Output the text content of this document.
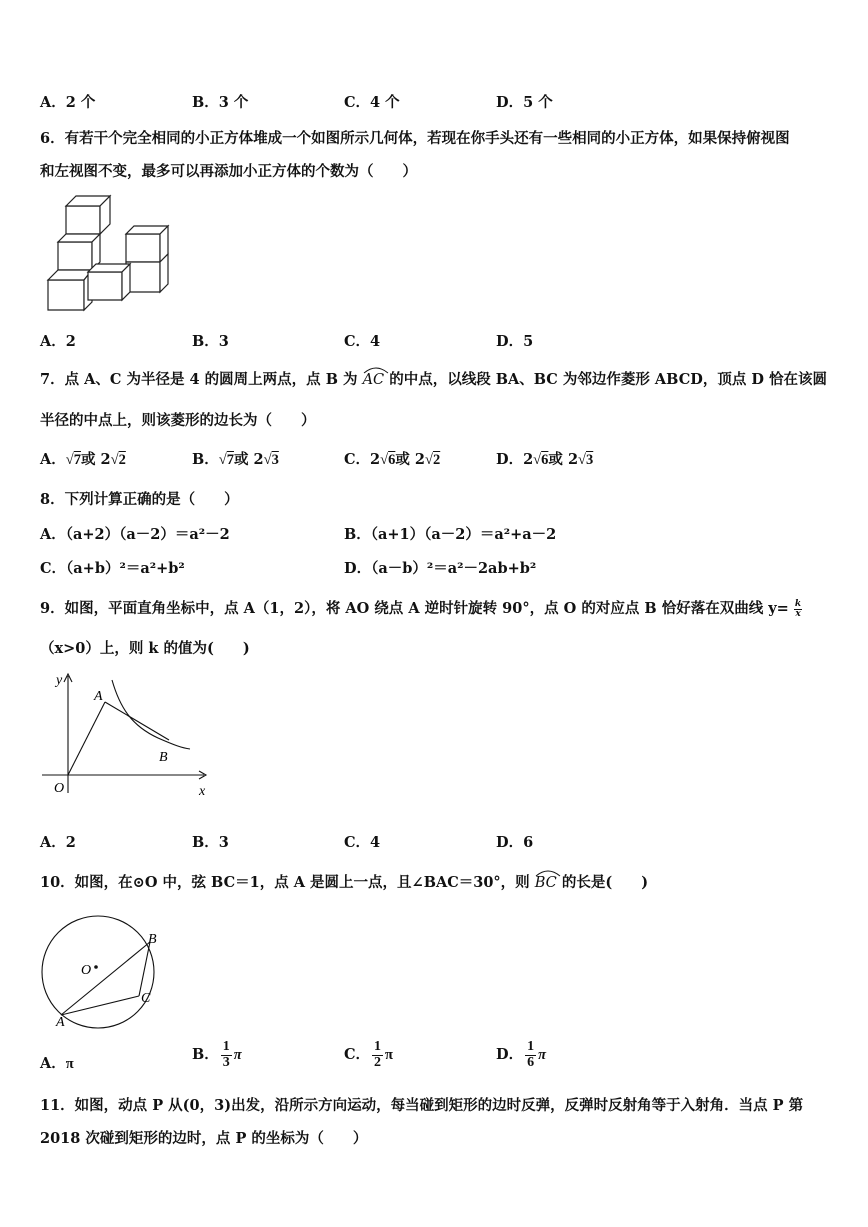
A．2 个	B．3 个	C．4 个	D．5 个
6．有若干个完全相同的小正方体堆成一个如图所示几何体，若现在你手头还有一些相同的小正方体，如果保持俯视图
和左视图不变，最多可以再添加小正方体的个数为（　　）
A．2	B．3	C．4	D．5
7．点 A、C 为半径是 4 的圆周上两点，点 B 为 AC 的中点，以线段 BA、BC 为邻边作菱形 ABCD，顶点 D 恰在该圆
半径的中点上，则该菱形的边长为（　　）
A．√7或 2√2	B．√7或 2√3	C．2√6或 2√2	D．2√6或 2√3
8．下列计算正确的是（　　）
A．（a+2）（a－2）＝a²－2	B．（a+1）（a－2）＝a²+a－2
C．（a+b）²＝a²+b²	D．（a－b）²＝a²－2ab+b²
9．如图，平面直角坐标中，点 A（1，2），将 AO 绕点 A 逆时针旋转 90°，点 O 的对应点 B 恰好落在双曲线 $y= \frac{k}{x}$
（x>0）上，则 k 的值为(　　)
y
A
B
O	x
A．2	B．3	C．4	D．6
10．如图，在⊙O 中，弦 BC＝1，点 A 是圆上一点，且∠BAC＝30°，则 BC 的长是(　　)
O
B
C
A
A．π
B． $\frac{1}{3}$ π	C． $\frac{1}{2}$ π	D． $\frac{1}{6}$ π
11．如图，动点 P 从(0，3)出发，沿所示方向运动，每当碰到矩形的边时反弹，反弹时反射角等于入射角．当点 P 第
2018 次碰到矩形的边时，点 P 的坐标为（　　）
